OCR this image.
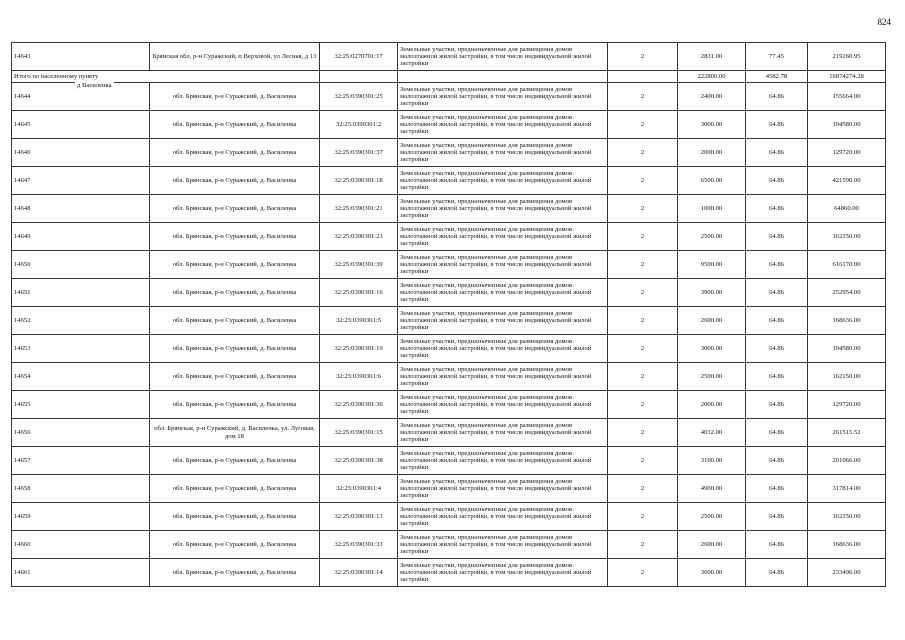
824
14643	Брянская обл, р-н Суражский, п Верховой, ул Лесная, д 13	32:25:0270701:17	Земельные участки, предназначенные для размещения домов малоэтажной жилой застройки, в том числе индивидуальной жилой застройки	2	2831.00	77.45	219260.95
Итого по населенному пункту					222800.00	4582.78	16874274.28
14644	обл. Брянская, р-н Суражский, д. Василенка	32:25:0390301:25	Земельные участки, предназначенные для размещения домов малоэтажной жилой застройки, в том числе индивидуальной жилой застройки	2	2400.00	64.86	155664.00
14645	обл. Брянская, р-н Суражский, д. Василенка	32:25:0390301:2	Земельные участки, предназначенные для размещения домов малоэтажной жилой застройки, в том числе индивидуальной жилой застройки	2	3000.00	64.86	194580.00
14646	обл. Брянская, р-н Суражский, д. Василенка	32:25:0390301:37	Земельные участки, предназначенные для размещения домов малоэтажной жилой застройки, в том числе индивидуальной жилой застройки	2	2000.00	64.86	129720.00
14647	обл. Брянская, р-н Суражский, д. Василенка	32:25:0390301:18	Земельные участки, предназначенные для размещения домов малоэтажной жилой застройки, в том числе индивидуальной жилой застройки	2	6500.00	64.86	421590.00
14648	обл. Брянская, р-н Суражский, д. Василенка	32:25:0390301:21	Земельные участки, предназначенные для размещения домов малоэтажной жилой застройки, в том числе индивидуальной жилой застройки	2	1000.00	64.86	64860.00
14649	обл. Брянская, р-н Суражский, д. Василенка	32:25:0390301:23	Земельные участки, предназначенные для размещения домов малоэтажной жилой застройки, в том числе индивидуальной жилой застройки	2	2500.00	64.86	162150.00
14650	обл. Брянская, р-н Суражский, д. Василенка	32:25:0390301:39	Земельные участки, предназначенные для размещения домов малоэтажной жилой застройки, в том числе индивидуальной жилой застройки	2	9500.00	64.86	616170.00
14651	обл. Брянская, р-н Суражский, д. Василенка	32:25:0390301:16	Земельные участки, предназначенные для размещения домов малоэтажной жилой застройки, в том числе индивидуальной жилой застройки	2	3900.00	64.86	252954.00
14652	обл. Брянская, р-н Суражский, д. Василенка	32:25:0390301:5	Земельные участки, предназначенные для размещения домов малоэтажной жилой застройки, в том числе индивидуальной жилой застройки	2	2600.00	64.86	168636.00
14653	обл. Брянская, р-н Суражский, д. Василенка	32:25:0390301:19	Земельные участки, предназначенные для размещения домов малоэтажной жилой застройки, в том числе индивидуальной жилой застройки	2	3000.00	64.86	194580.00
14654	обл. Брянская, р-н Суражский, д. Василенка	32:25:0390301:6	Земельные участки, предназначенные для размещения домов малоэтажной жилой застройки, в том числе индивидуальной жилой застройки	2	2500.00	64.86	162150.00
14655	обл. Брянская, р-н Суражский, д. Василенка	32:25:0390301:36	Земельные участки, предназначенные для размещения домов малоэтажной жилой застройки, в том числе индивидуальной жилой застройки	2	2000.00	64.86	129720.00
14656	обл. Брянская, р-н Суражский, д. Василенка, ул. Луговая, дом 18	32:25:0390301:15	Земельные участки, предназначенные для размещения домов малоэтажной жилой застройки, в том числе индивидуальной жилой застройки	2	4032.00	64.86	261515.52
14657	обл. Брянская, р-н Суражский, д. Василенка	32:25:0390301:38	Земельные участки, предназначенные для размещения домов малоэтажной жилой застройки, в том числе индивидуальной жилой застройки	2	3100.00	64.86	201066.00
14658	обл. Брянская, р-н Суражский, д. Василенка	32:25:0390301:4	Земельные участки, предназначенные для размещения домов малоэтажной жилой застройки, в том числе индивидуальной жилой застройки	2	4900.00	64.86	317814.00
14659	обл. Брянская, р-н Суражский, д. Василенка	32:25:0390301:13	Земельные участки, предназначенные для размещения домов малоэтажной жилой застройки, в том числе индивидуальной жилой застройки	2	2500.00	64.86	162150.00
14660	обл. Брянская, р-н Суражский, д. Василенка	32:25:0390301:33	Земельные участки, предназначенные для размещения домов малоэтажной жилой застройки, в том числе индивидуальной жилой застройки	2	2600.00	64.86	168636.00
14661	обл. Брянская, р-н Суражский, д. Василенка	32:25:0390301:14	Земельные участки, предназначенные для размещения домов малоэтажной жилой застройки, в том числе индивидуальной жилой застройки	2	3600.00	64.86	233496.00
д Василенка
